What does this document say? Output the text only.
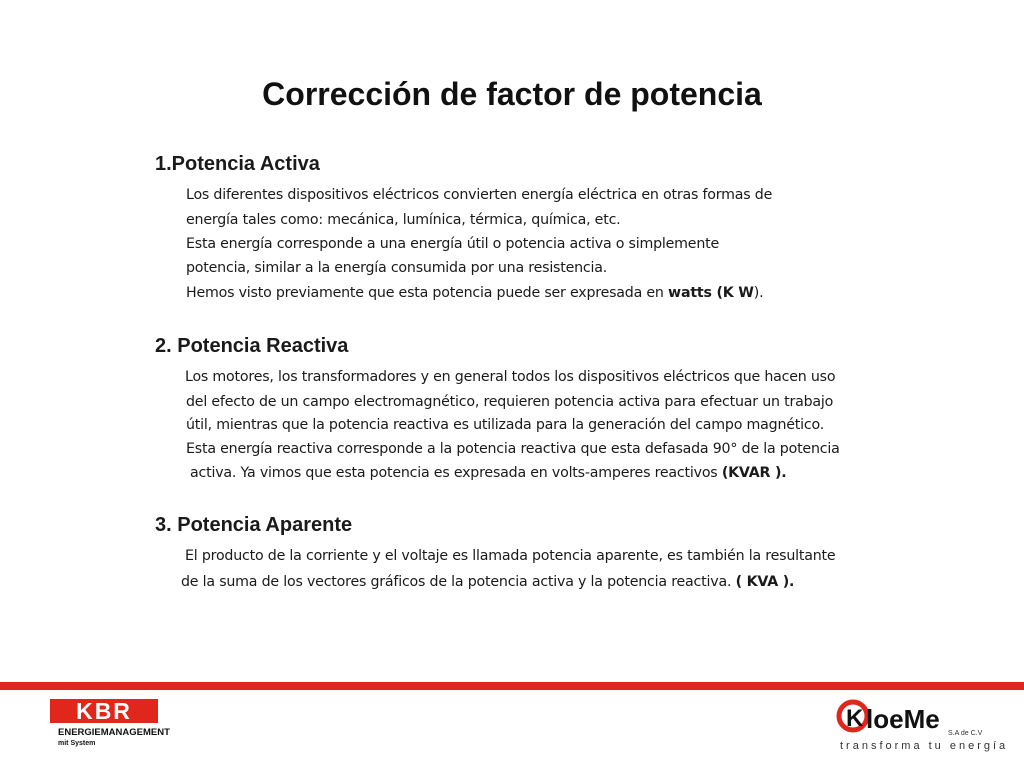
Corrección de factor de potencia
1.Potencia Activa
Los diferentes dispositivos eléctricos convierten energía eléctrica en otras formas de
energía tales como: mecánica, lumínica, térmica, química, etc.
Esta energía corresponde a una energía útil o potencia activa o simplemente
potencia, similar a la energía consumida por una resistencia.
Hemos visto previamente que esta potencia puede ser expresada en watts (K W).
2. Potencia Reactiva
Los motores, los transformadores y en general todos los dispositivos eléctricos que hacen uso
del efecto de un campo electromagnético, requieren potencia activa para efectuar un trabajo
útil, mientras que la potencia reactiva es utilizada para la generación del campo magnético.
Esta energía reactiva corresponde a la potencia reactiva que esta defasada 90° de la potencia
activa. Ya vimos que esta potencia es expresada en volts-amperes reactivos (KVAR ).
3. Potencia Aparente
El producto de la corriente y el voltaje es llamada potencia aparente, es también la resultante
de la suma de los vectores gráficos de la potencia activa y la potencia reactiva. ( KVA ).
KBR
ENERGIEMANAGEMENT
mit System
K loeMe S.A de C.V
transforma tu energía
